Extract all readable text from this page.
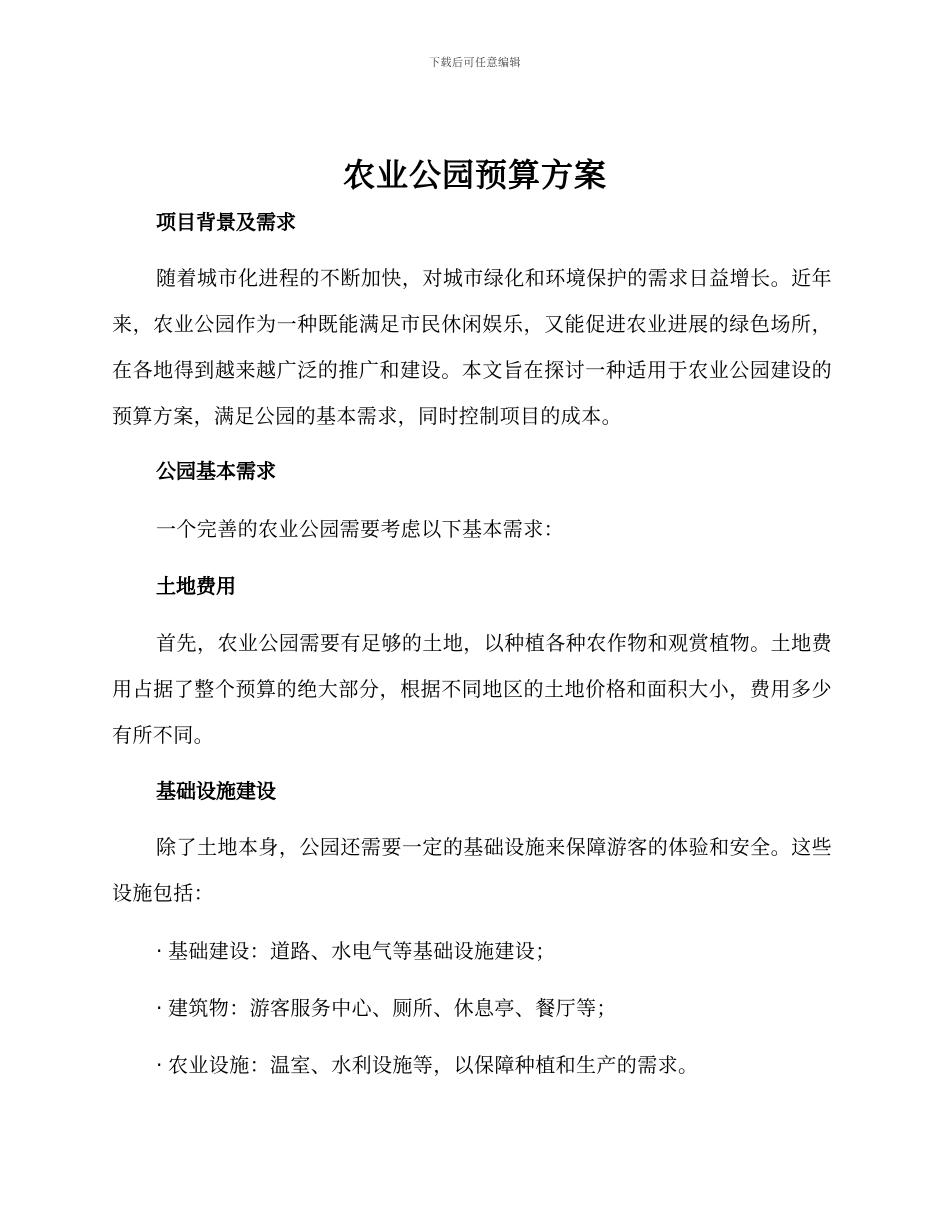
下载后可任意编辑
农业公园预算方案
项目背景及需求
随着城市化进程的不断加快，对城市绿化和环境保护的需求日益增长。近年来，农业公园作为一种既能满足市民休闲娱乐，又能促进农业进展的绿色场所，在各地得到越来越广泛的推广和建设。本文旨在探讨一种适用于农业公园建设的预算方案，满足公园的基本需求，同时控制项目的成本。
公园基本需求
一个完善的农业公园需要考虑以下基本需求：
土地费用
首先，农业公园需要有足够的土地，以种植各种农作物和观赏植物。土地费用占据了整个预算的绝大部分，根据不同地区的土地价格和面积大小，费用多少有所不同。
基础设施建设
除了土地本身，公园还需要一定的基础设施来保障游客的体验和安全。这些设施包括：
· 基础建设：道路、水电气等基础设施建设；
· 建筑物：游客服务中心、厕所、休息亭、餐厅等；
· 农业设施：温室、水利设施等，以保障种植和生产的需求。
